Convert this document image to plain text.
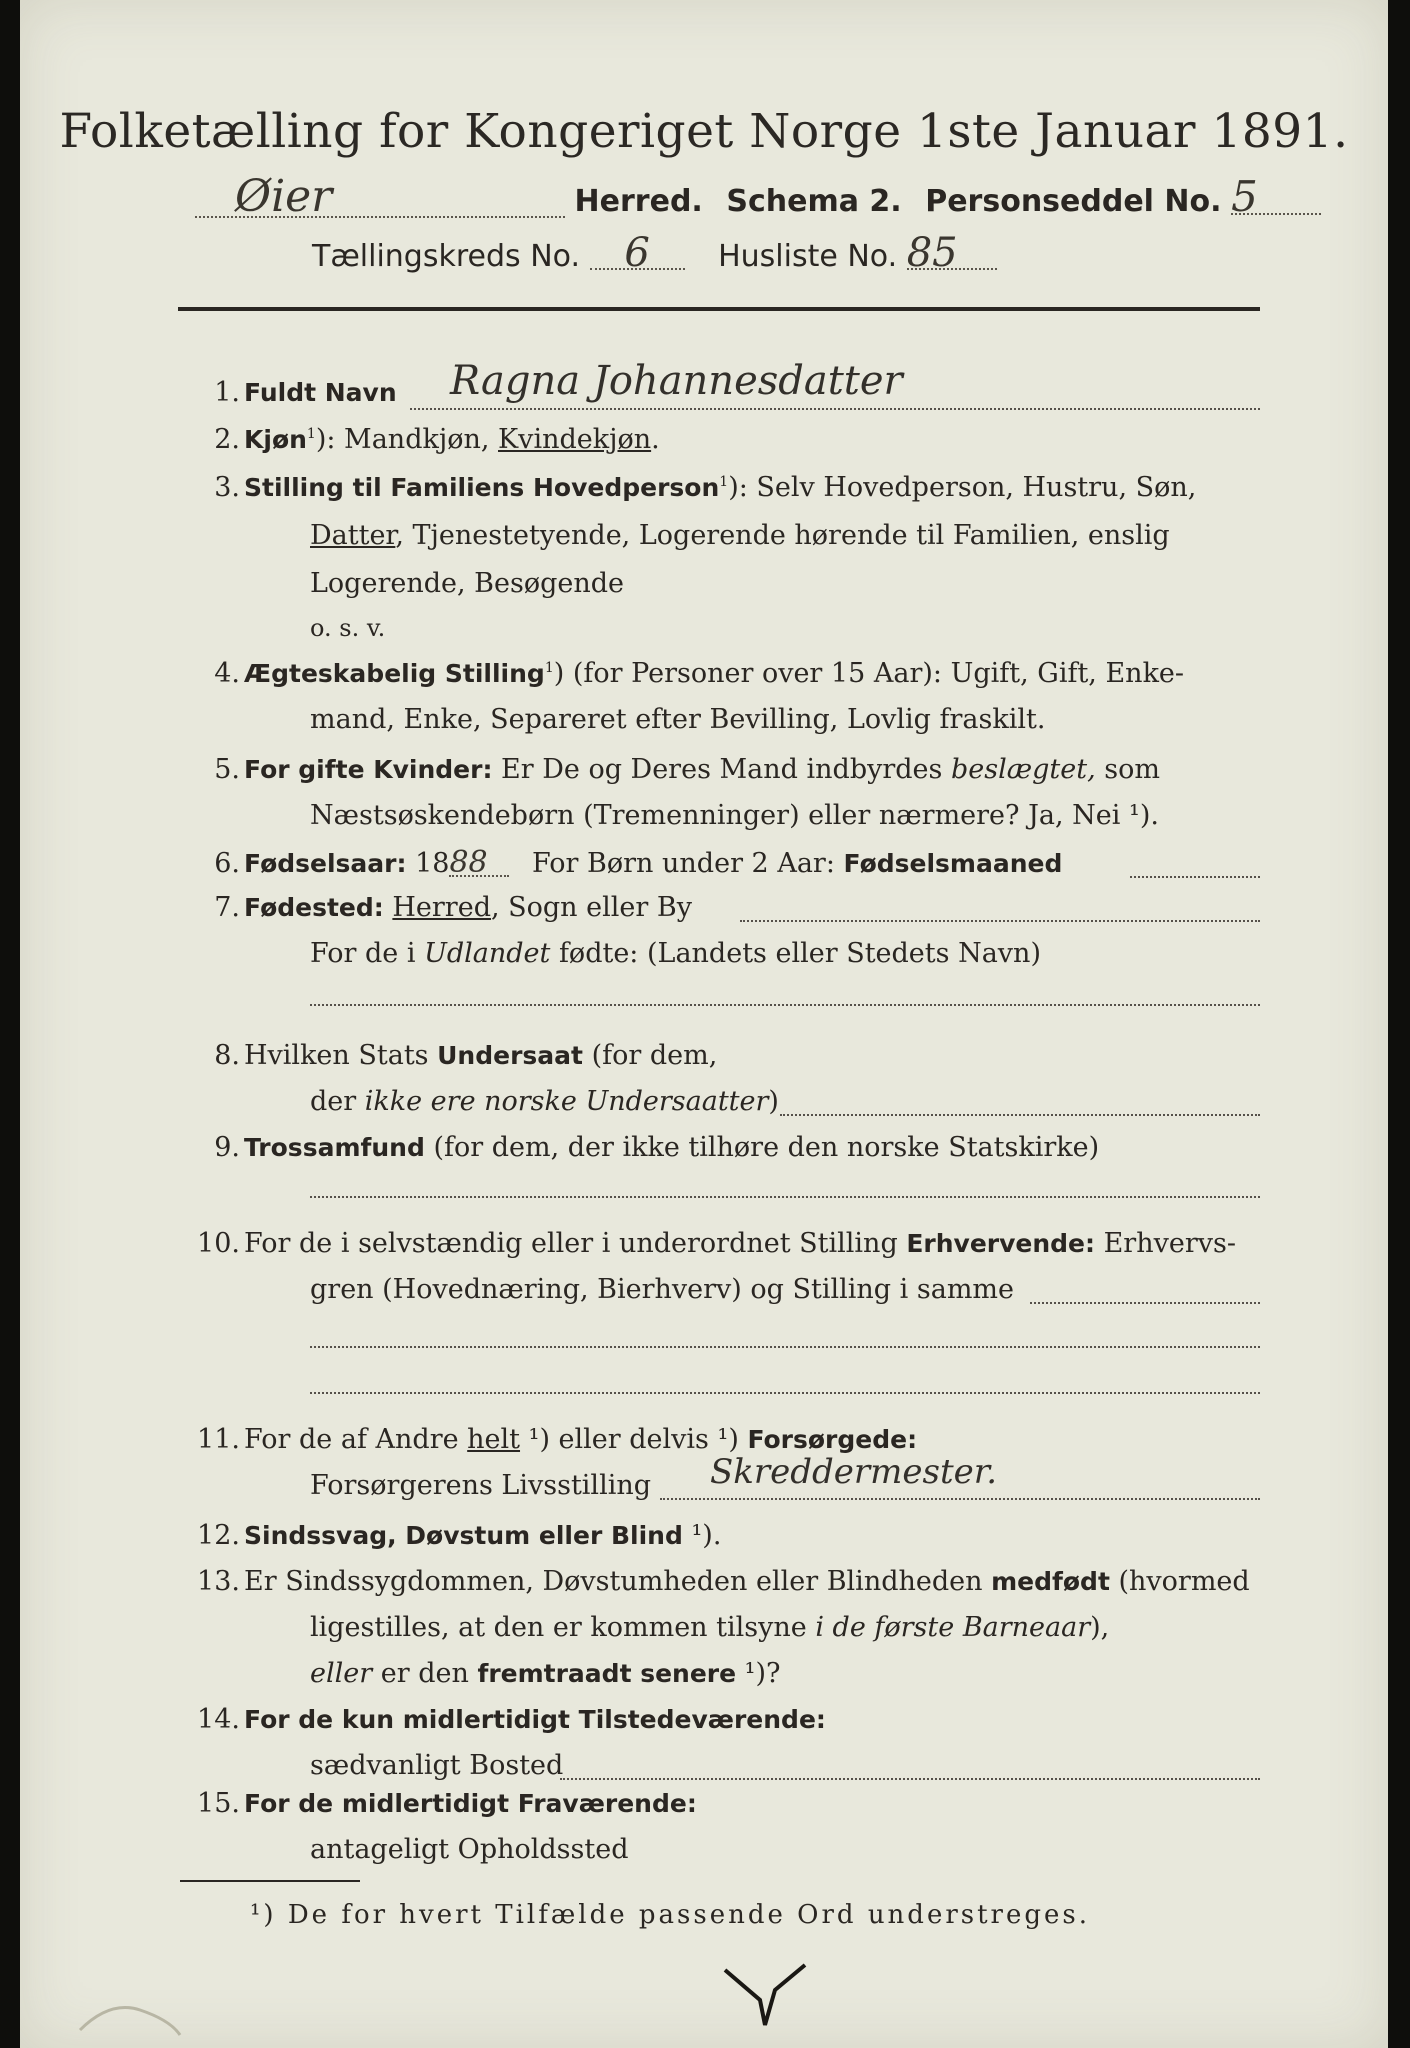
Folketælling for Kongeriget Norge 1ste Januar 1891.
Øier	Herred. Schema 2. Personseddel No. 5
Tællingskreds No. 6 Husliste No. 85
1. Fuldt Navn Ragna Johannesdatter
2. Kjøn$^1$): Mandkjøn, Kvindekjøn.
3. Stilling til Familiens Hovedperson$^1$): Selv Hovedperson, Hustru, Søn,
Datter, Tjenestetyende, Logerende hørende til Familien, enslig
Logerende, Besøgende
o. s. v.
4. Ægteskabelig Stilling$^1$) (for Personer over 15 Aar): Ugift, Gift, Enke-
mand, Enke, Separeret efter Bevilling, Lovlig fraskilt.
5. For gifte Kvinder: Er De og Deres Mand indbyrdes beslægtet, som
Næstsøskendebørn (Tremenninger) eller nærmere? Ja, Nei ¹).
6. Fødselsaar: 1888 For Børn under 2 Aar: Fødselsmaaned
7. Fødested: Herred, Sogn eller By
For de i Udlandet fødte: (Landets eller Stedets Navn)
8. Hvilken Stats Undersaat (for dem,
der ikke ere norske Undersaatter)
9. Trossamfund (for dem, der ikke tilhøre den norske Statskirke)
10. For de i selvstændig eller i underordnet Stilling Erhvervende: Erhvervs-
gren (Hovednæring, Bierhverv) og Stilling i samme
11. For de af Andre helt ¹) eller delvis ¹) Forsørgede:
Forsørgerens Livsstilling Skreddermester.
12. Sindssvag, Døvstum eller Blind ¹).
13. Er Sindssygdommen, Døvstumheden eller Blindheden medfødt (hvormed
ligestilles, at den er kommen tilsyne i de første Barneaar),
eller er den fremtraadt senere ¹)?
14. For de kun midlertidigt Tilstedeværende:
sædvanligt Bosted
15. For de midlertidigt Fraværende:
antageligt Opholdssted
¹) De for hvert Tilfælde passende Ord understreges.
